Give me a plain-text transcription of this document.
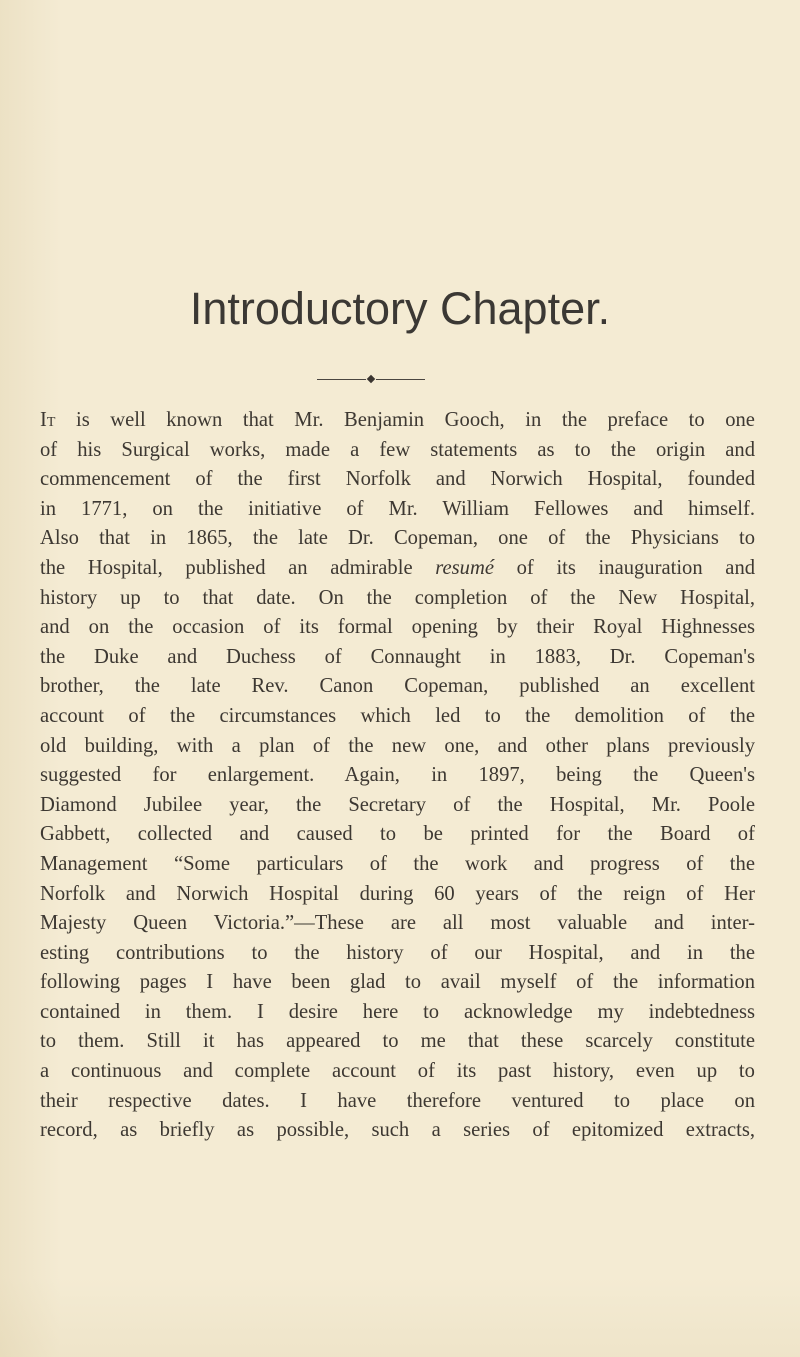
Introductory Chapter.
It is well known that Mr. Benjamin Gooch, in the preface to one
of his Surgical works, made a few statements as to the origin and
commencement of the first Norfolk and Norwich Hospital, founded
in 1771, on the initiative of Mr. William Fellowes and himself.
Also that in 1865, the late Dr. Copeman, one of the Physicians to
the Hospital, published an admirable resumé of its inauguration and
history up to that date. On the completion of the New Hospital,
and on the occasion of its formal opening by their Royal Highnesses
the Duke and Duchess of Connaught in 1883, Dr. Copeman's
brother, the late Rev. Canon Copeman, published an excellent
account of the circumstances which led to the demolition of the
old building, with a plan of the new one, and other plans previously
suggested for enlargement. Again, in 1897, being the Queen's
Diamond Jubilee year, the Secretary of the Hospital, Mr. Poole
Gabbett, collected and caused to be printed for the Board of
Management “Some particulars of the work and progress of the
Norfolk and Norwich Hospital during 60 years of the reign of Her
Majesty Queen Victoria.”—These are all most valuable and inter-
esting contributions to the history of our Hospital, and in the
following pages I have been glad to avail myself of the information
contained in them. I desire here to acknowledge my indebtedness
to them. Still it has appeared to me that these scarcely constitute
a continuous and complete account of its past history, even up to
their respective dates. I have therefore ventured to place on
record, as briefly as possible, such a series of epitomized extracts,
